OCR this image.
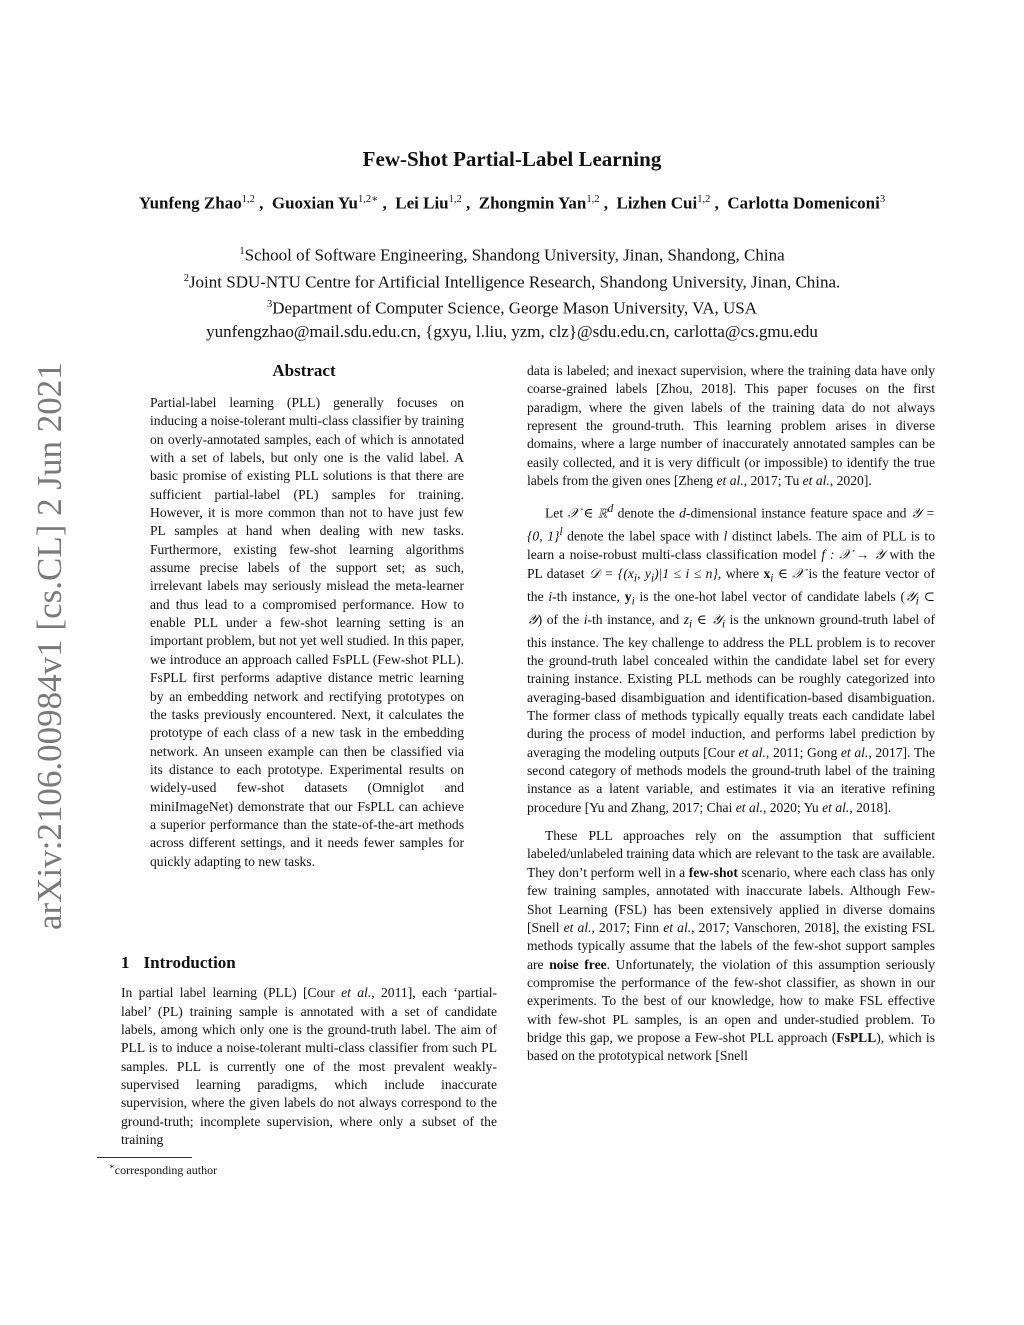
arXiv:2106.00984v1 [cs.CL] 2 Jun 2021
Few-Shot Partial-Label Learning
Yunfeng Zhao$^{1,2}$ ,  Guoxian $Yu^{1,2∗}$ ,  Lei Liu$^{1,2}$ ,  Zhongmin Yan$^{1,2}$ ,  Lizhen Cui$^{1,2}$ ,  Carlotta Domeniconi$^3$
$^1$School of Software Engineering, Shandong University, Jinan, Shandong, China
$^2$Joint SDU-NTU Centre for Artificial Intelligence Research, Shandong University, Jinan, China.
$^3$Department of Computer Science, George Mason University, VA, USA
yunfengzhao@mail.sdu.edu.cn, {gxyu, l.liu, yzm, clz}@sdu.edu.cn, carlotta@cs.gmu.edu
Abstract
Partial-label learning (PLL) generally focuses on inducing a noise-tolerant multi-class classifier by training on overly-annotated samples, each of which is annotated with a set of labels, but only one is the valid label. A basic promise of existing PLL solutions is that there are sufficient partial-label (PL) samples for training. However, it is more common than not to have just few PL samples at hand when dealing with new tasks. Furthermore, existing few-shot learning algorithms assume precise labels of the support set; as such, irrelevant labels may seriously mislead the meta-learner and thus lead to a compromised performance. How to enable PLL under a few-shot learning setting is an important problem, but not yet well studied. In this paper, we introduce an approach called FsPLL (Few-shot PLL). FsPLL first performs adaptive distance metric learning by an embedding network and rectifying prototypes on the tasks previously encountered. Next, it calculates the prototype of each class of a new task in the embedding network. An unseen example can then be classified via its distance to each prototype. Experimental results on widely-used few-shot datasets (Omniglot and miniImageNet) demonstrate that our FsPLL can achieve a superior performance than the state-of-the-art methods across different settings, and it needs fewer samples for quickly adapting to new tasks.

1 Introduction

In partial label learning (PLL) [Cour et al., 2011], each ‘partial-label’ (PL) training sample is annotated with a set of candidate labels, among which only one is the ground-truth label. The aim of PLL is to induce a noise-tolerant multi-class classifier from such PL samples. PLL is currently one of the most prevalent weakly-supervised learning paradigms, which include inaccurate supervision, where the given labels do not always correspond to the ground-truth; incomplete supervision, where only a subset of the training

data is labeled; and inexact supervision, where the training data have only coarse-grained labels [Zhou, 2018]. This paper focuses on the first paradigm, where the given labels of the training data do not always represent the ground-truth. This learning problem arises in diverse domains, where a large number of inaccurately annotated samples can be easily collected, and it is very difficult (or impossible) to identify the true labels from the given ones [Zheng et al., 2017; Tu et al., 2020].

Let 𝒳 ∈ ℝ$^d$ denote the d-dimensional instance feature space and 𝒴 = {0, 1}$^l$ denote the label space with l distinct labels. The aim of PLL is to learn a noise-robust multi-class classification model f : 𝒳 → 𝒴 with the PL dataset 𝒟 = {($x_i$, $y_i)|1 \le i \le n$}, where $x_i$ ∈ 𝒳 is the feature vector of the i-th instance, $y_i$ is the one-hot label vector of candidate labels (𝒴$_i$ ⊂ 𝒴) of the i-th instance, and $z_i$ ∈ 𝒴$_i$ is the unknown ground-truth label of this instance. The key challenge to address the PLL problem is to recover the ground-truth label concealed within the candidate label set for every training instance. Existing PLL methods can be roughly categorized into averaging-based disambiguation and identification-based disambiguation. The former class of methods typically equally treats each candidate label during the process of model induction, and performs label prediction by averaging the modeling outputs [Cour et al., 2011; Gong et al., 2017]. The second category of methods models the ground-truth label of the training instance as a latent variable, and estimates it via an iterative refining procedure [Yu and Zhang, 2017; Chai et al., 2020; Yu et al., 2018].

These PLL approaches rely on the assumption that sufficient labeled/unlabeled training data which are relevant to the task are available. They don’t perform well in a few-shot scenario, where each class has only few training samples, annotated with inaccurate labels. Although Few-Shot Learning (FSL) has been extensively applied in diverse domains [Snell et al., 2017; Finn et al., 2017; Vanschoren, 2018], the existing FSL methods typically assume that the labels of the few-shot support samples are noise free. Unfortunately, the violation of this assumption seriously compromise the performance of the few-shot classifier, as shown in our experiments. To the best of our knowledge, how to make FSL effective with few-shot PL samples, is an open and under-studied problem. To bridge this gap, we propose a Few-shot PLL approach (FsPLL), which is based on the prototypical network [Snell

∗corresponding author
